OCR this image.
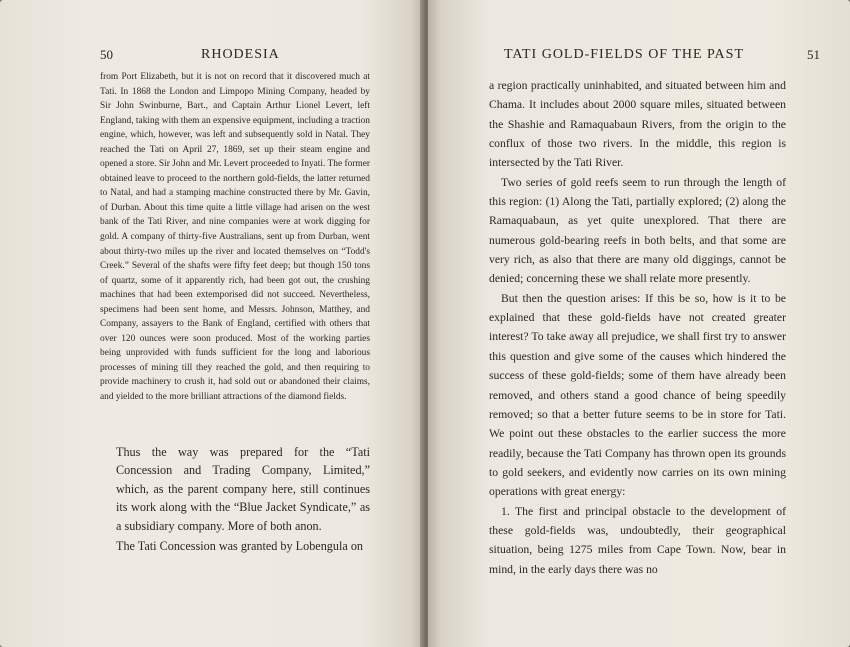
50	RHODESIA

from Port Elizabeth, but it is not on record that it discovered much at Tati. In 1868 the London and Limpopo Mining Company, headed by Sir John Swinburne, Bart., and Captain Arthur Lionel Levert, left England, taking with them an expensive equipment, including a traction engine, which, however, was left and subsequently sold in Natal. They reached the Tati on April 27, 1869, set up their steam engine and opened a store. Sir John and Mr. Levert proceeded to Inyati. The former obtained leave to proceed to the northern gold-fields, the latter returned to Natal, and had a stamping machine constructed there by Mr. Gavin, of Durban. About this time quite a little village had arisen on the west bank of the Tati River, and nine companies were at work digging for gold. A company of thirty-five Australians, sent up from Durban, went about thirty-two miles up the river and located themselves on “Todd's Creek.” Several of the shafts were fifty feet deep; but though 150 tons of quartz, some of it apparently rich, had been got out, the crushing machines that had been extemporised did not succeed. Nevertheless, specimens had been sent home, and Messrs. Johnson, Matthey, and Company, assayers to the Bank of England, certified with others that over 120 ounces were soon produced. Most of the working parties being unprovided with funds sufficient for the long and laborious processes of mining till they reached the gold, and then requiring to provide machinery to crush it, had sold out or abandoned their claims, and yielded to the more brilliant attractions of the diamond fields.

Thus the way was prepared for the “Tati Concession and Trading Company, Limited,” which, as the parent company here, still continues its work along with the “Blue Jacket Syndicate,” as a subsidiary company. More of both anon.

The Tati Concession was granted by Lobengula on

TATI GOLD-FIELDS OF THE PAST	51

a region practically uninhabited, and situated between him and Chama. It includes about 2000 square miles, situated between the Shashie and Ramaquabaun Rivers, from the origin to the conflux of those two rivers. In the middle, this region is intersected by the Tati River.

Two series of gold reefs seem to run through the length of this region: (1) Along the Tati, partially explored; (2) along the Ramaquabaun, as yet quite unexplored. That there are numerous gold-bearing reefs in both belts, and that some are very rich, as also that there are many old diggings, cannot be denied; concerning these we shall relate more presently.

But then the question arises: If this be so, how is it to be explained that these gold-fields have not created greater interest? To take away all prejudice, we shall first try to answer this question and give some of the causes which hindered the success of these gold-fields; some of them have already been removed, and others stand a good chance of being speedily removed; so that a better future seems to be in store for Tati. We point out these obstacles to the earlier success the more readily, because the Tati Company has thrown open its grounds to gold seekers, and evidently now carries on its own mining operations with great energy:

1. The first and principal obstacle to the development of these gold-fields was, undoubtedly, their geographical situation, being 1275 miles from Cape Town. Now, bear in mind, in the early days there was no
